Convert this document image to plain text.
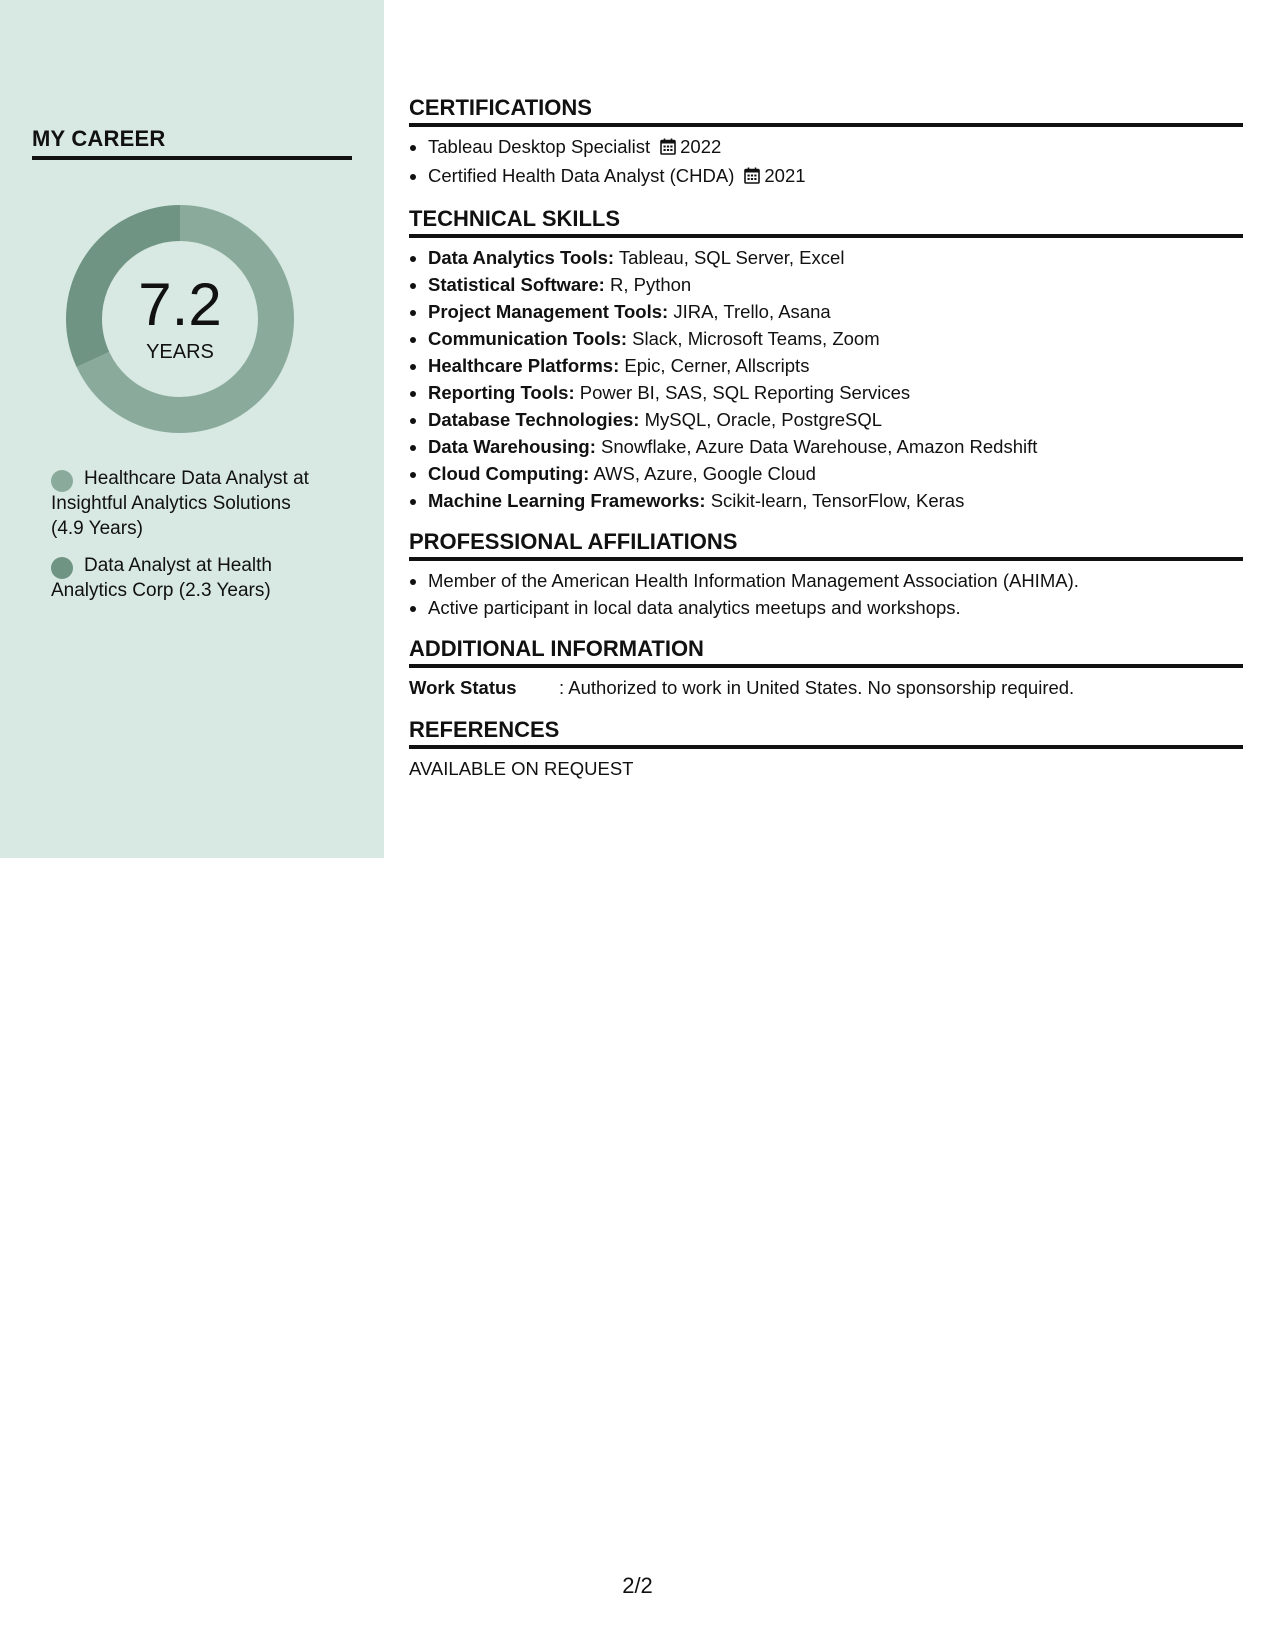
MY CAREER
7.2
YEARS
Healthcare Data Analyst at Insightful Analytics Solutions (4.9 Years)
Data Analyst at Health Analytics Corp (2.3 Years)
CERTIFICATIONS
• Tableau Desktop Specialist 2022
• Certified Health Data Analyst (CHDA) 2021
TECHNICAL SKILLS
• Data Analytics Tools: Tableau, SQL Server, Excel
• Statistical Software: R, Python
• Project Management Tools: JIRA, Trello, Asana
• Communication Tools: Slack, Microsoft Teams, Zoom
• Healthcare Platforms: Epic, Cerner, Allscripts
• Reporting Tools: Power BI, SAS, SQL Reporting Services
• Database Technologies: MySQL, Oracle, PostgreSQL
• Data Warehousing: Snowflake, Azure Data Warehouse, Amazon Redshift
• Cloud Computing: AWS, Azure, Google Cloud
• Machine Learning Frameworks: Scikit-learn, TensorFlow, Keras
PROFESSIONAL AFFILIATIONS
• Member of the American Health Information Management Association (AHIMA).
• Active participant in local data analytics meetups and workshops.
ADDITIONAL INFORMATION
Work Status	: Authorized to work in United States. No sponsorship required.
REFERENCES
AVAILABLE ON REQUEST
2/2
